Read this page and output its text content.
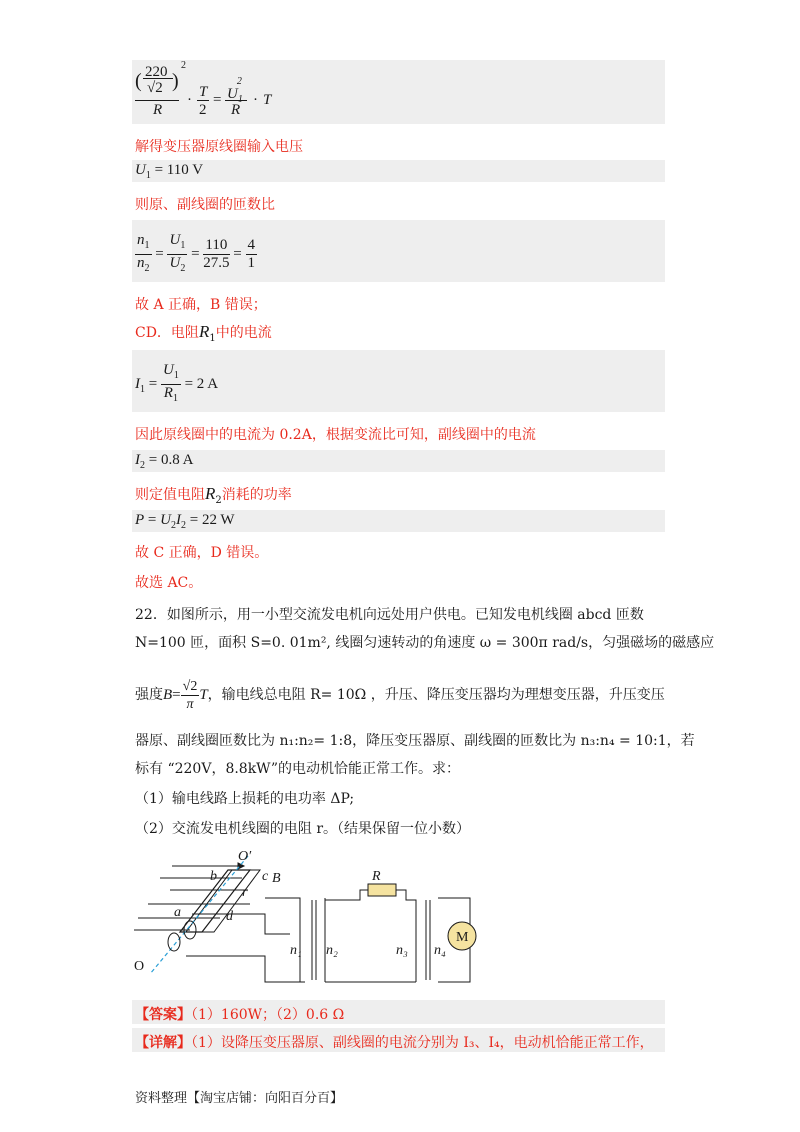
( 220
√2 )
2
R
· T
2
= $U_1^2$
R
· T
解得变压器原线圈输入电压
$U_1 = 110$ V
则原、副线圈的匝数比
$\frac{n_1}{n_2} = \frac{U_1}{U_2} = \frac{110}{27.5} = \frac{4}{1}$
故 A 正确，B 错误；
CD．电阻$R_1$中的电流
$I_1 = \frac{U_1}{R_1} = 2$ A
因此原线圈中的电流为 0.2A，根据变流比可知，副线圈中的电流
$I_2 = 0.8$ A
则定值电阻$R_2$消耗的功率
$P = U_2I_2 = 22$ W
故 C 正确，D 错误。
故选 AC。
22．如图所示，用一小型交流发电机向远处用户供电。已知发电机线圈 abcd 匝数
N=100 匝，面积 S=0. 01m², 线圈匀速转动的角速度 ω = 300π rad/s，匀强磁场的磁感应
强度$B= \frac{√2}{\pi}$ T，输电线总电阻 R= 10Ω ，升压、降压变压器均为理想变压器，升压变压
器原、副线圈匝数比为 n₁:n₂= 1:8，降压变压器原、副线圈的匝数比为 n₃:n₄ = 10:1，若
标有 “220V，8.8kW”的电动机恰能正常工作。求：
（1）输电线路上损耗的电功率 ΔP;
（2）交流发电机线圈的电阻 r。（结果保留一位小数）
O′
b	c B
r
a	d
O
R
n₁ n₂	n₃ n₄
M
【答案】（1）160W；（2）0.6 Ω
【详解】（1）设降压变压器原、副线圈的电流分别为 I₃、I₄，电动机恰能正常工作，
资料整理【淘宝店铺：向阳百分百】
